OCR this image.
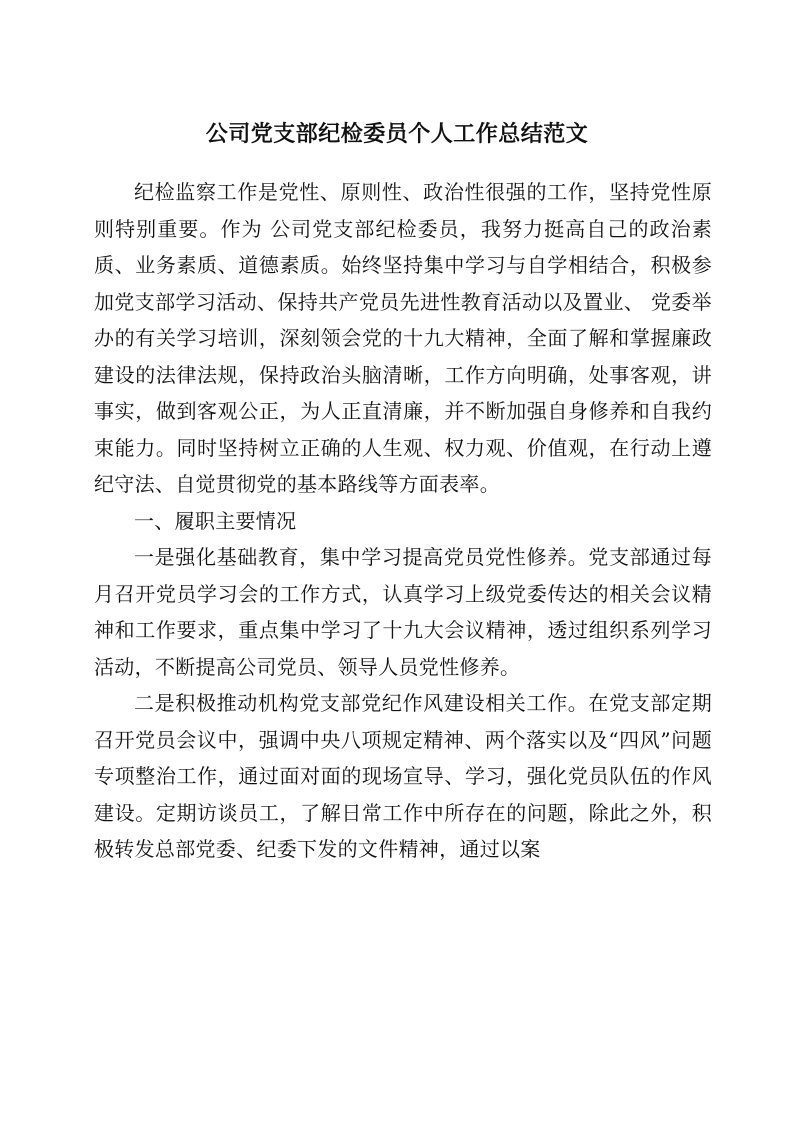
公司党支部纪检委员个人工作总结范文

纪检监察工作是党性、原则性、政治性很强的工作，坚持党性原则特别重要。作为 公司党支部纪检委员，我努力挺高自己的政治素质、业务素质、道德素质。始终坚持集中学习与自学相结合，积极参加党支部学习活动、保持共产党员先进性教育活动以及置业、 党委举办的有关学习培训，深刻领会党的十九大精神，全面了解和掌握廉政建设的法律法规，保持政治头脑清晰，工作方向明确，处事客观，讲事实，做到客观公正，为人正直清廉，并不断加强自身修养和自我约束能力。同时坚持树立正确的人生观、权力观、价值观，在行动上遵纪守法、自觉贯彻党的基本路线等方面表率。

一、履职主要情况

一是强化基础教育，集中学习提高党员党性修养。党支部通过每月召开党员学习会的工作方式，认真学习上级党委传达的相关会议精神和工作要求，重点集中学习了十九大会议精神，透过组织系列学习活动，不断提高公司党员、领导人员党性修养。

二是积极推动机构党支部党纪作风建设相关工作。在党支部定期召开党员会议中，强调中央八项规定精神、两个落实以及“四风”问题专项整治工作，通过面对面的现场宣导、学习，强化党员队伍的作风建设。定期访谈员工，了解日常工作中所存在的问题，除此之外，积极转发总部党委、纪委下发的文件精神，通过以案
